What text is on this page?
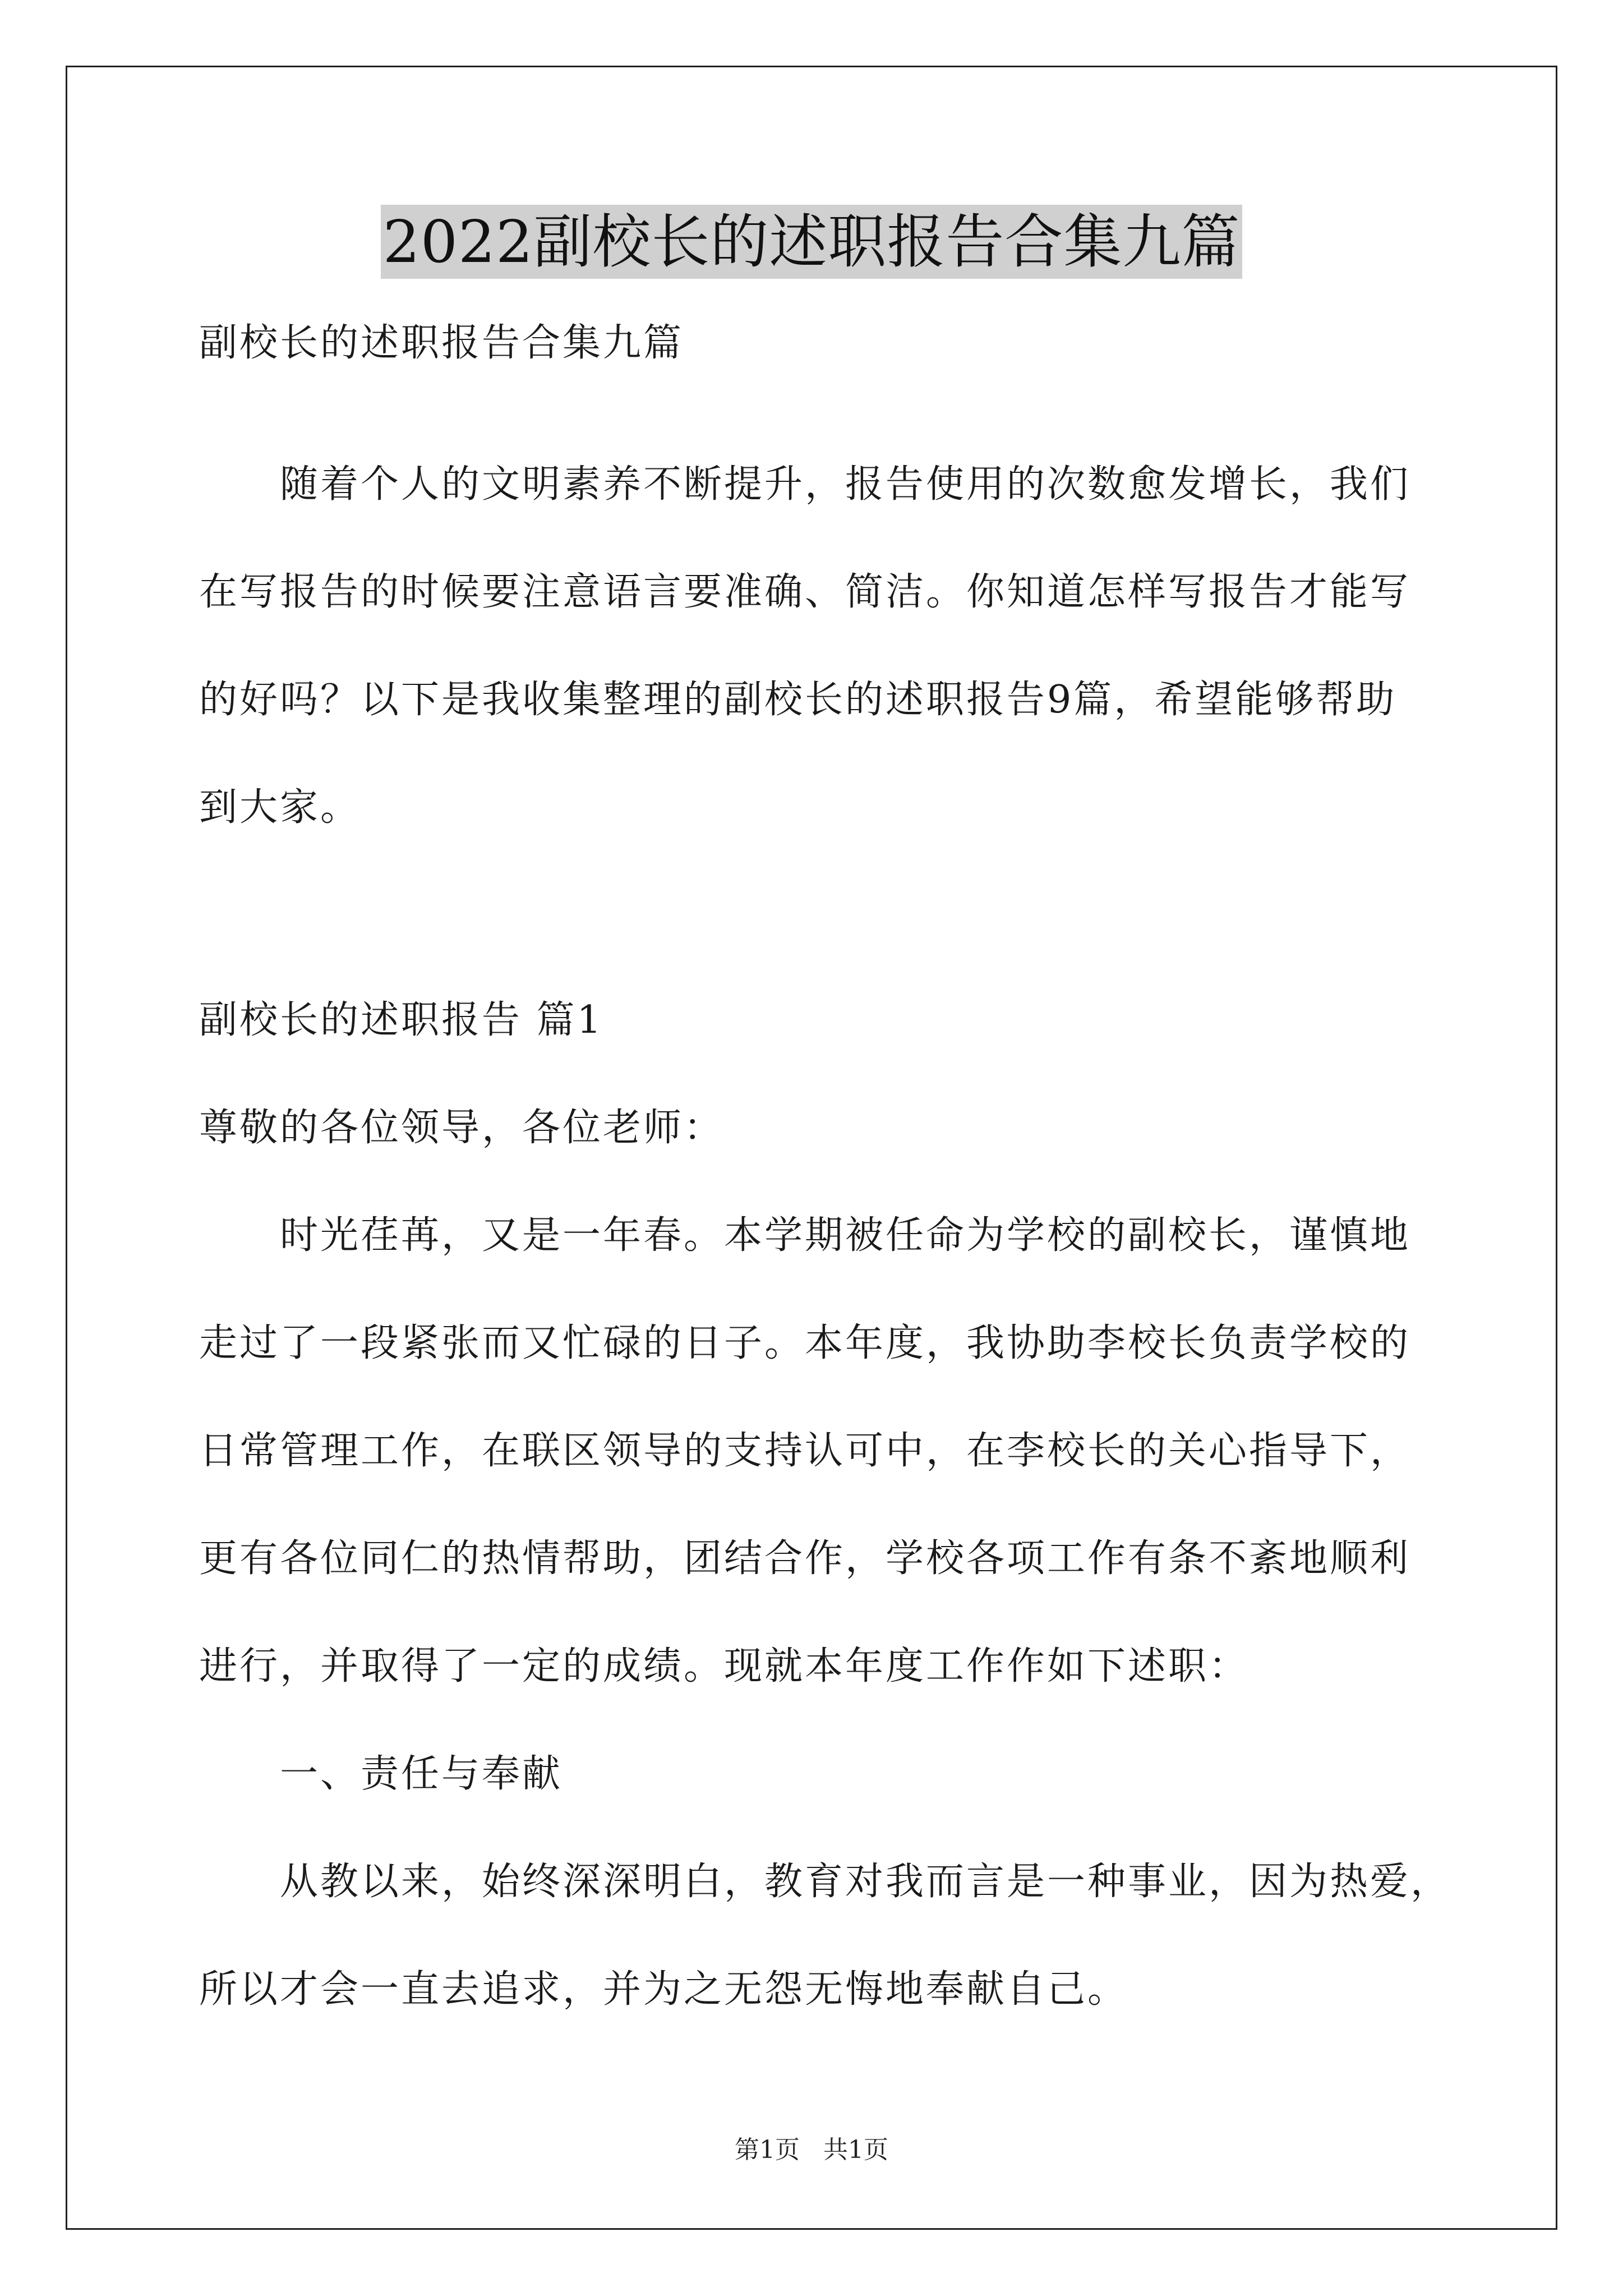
2022副校长的述职报告合集九篇

副校长的述职报告合集九篇

　　随着个人的文明素养不断提升，报告使用的次数愈发增长，我们

在写报告的时候要注意语言要准确、简洁。你知道怎样写报告才能写

的好吗？以下是我收集整理的副校长的述职报告9篇，希望能够帮助

到大家。

副校长的述职报告 篇1

尊敬的各位领导，各位老师：

　　时光荏苒，又是一年春。本学期被任命为学校的副校长，谨慎地

走过了一段紧张而又忙碌的日子。本年度，我协助李校长负责学校的

日常管理工作，在联区领导的支持认可中，在李校长的关心指导下，

更有各位同仁的热情帮助，团结合作，学校各项工作有条不紊地顺利

进行，并取得了一定的成绩。现就本年度工作作如下述职：

　　一、责任与奉献

　　从教以来，始终深深明白，教育对我而言是一种事业，因为热爱，

所以才会一直去追求，并为之无怨无悔地奉献自己。

第1页 共1页
